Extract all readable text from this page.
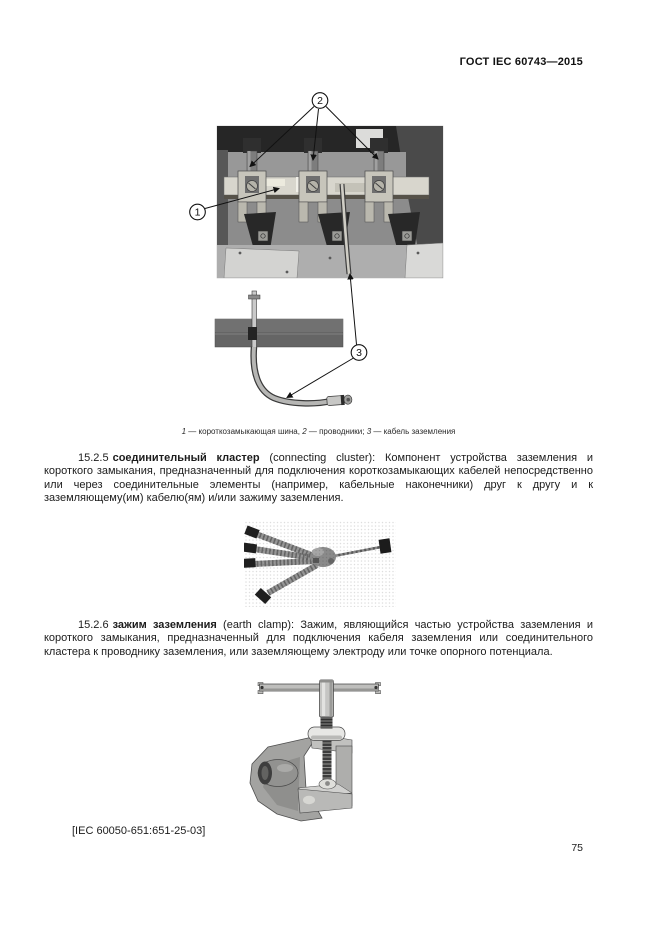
ГОСТ IEC 60743—2015
2
1
3
1 — короткозамыкающая шина, 2 — проводники; 3 — кабель заземления

15.2.5 соединительный кластер (connecting cluster): Компонент устройства заземления и короткого замыкания, предназначенный для подключения короткозамыкающих кабелей непосредственно или через соединительные элементы (например, кабельные наконечники) друг к другу и к заземляющему(им) кабелю(ям) и/или зажиму заземления.

15.2.6 зажим заземления (earth clamp): Зажим, являющийся частью устройства заземления и короткого замыкания, предназначенный для подключения кабеля заземления или соединительного кластера к проводнику заземления, или заземляющему электроду или точке опорного потенциала.

[IEC 60050-651:651-25-03]
75
